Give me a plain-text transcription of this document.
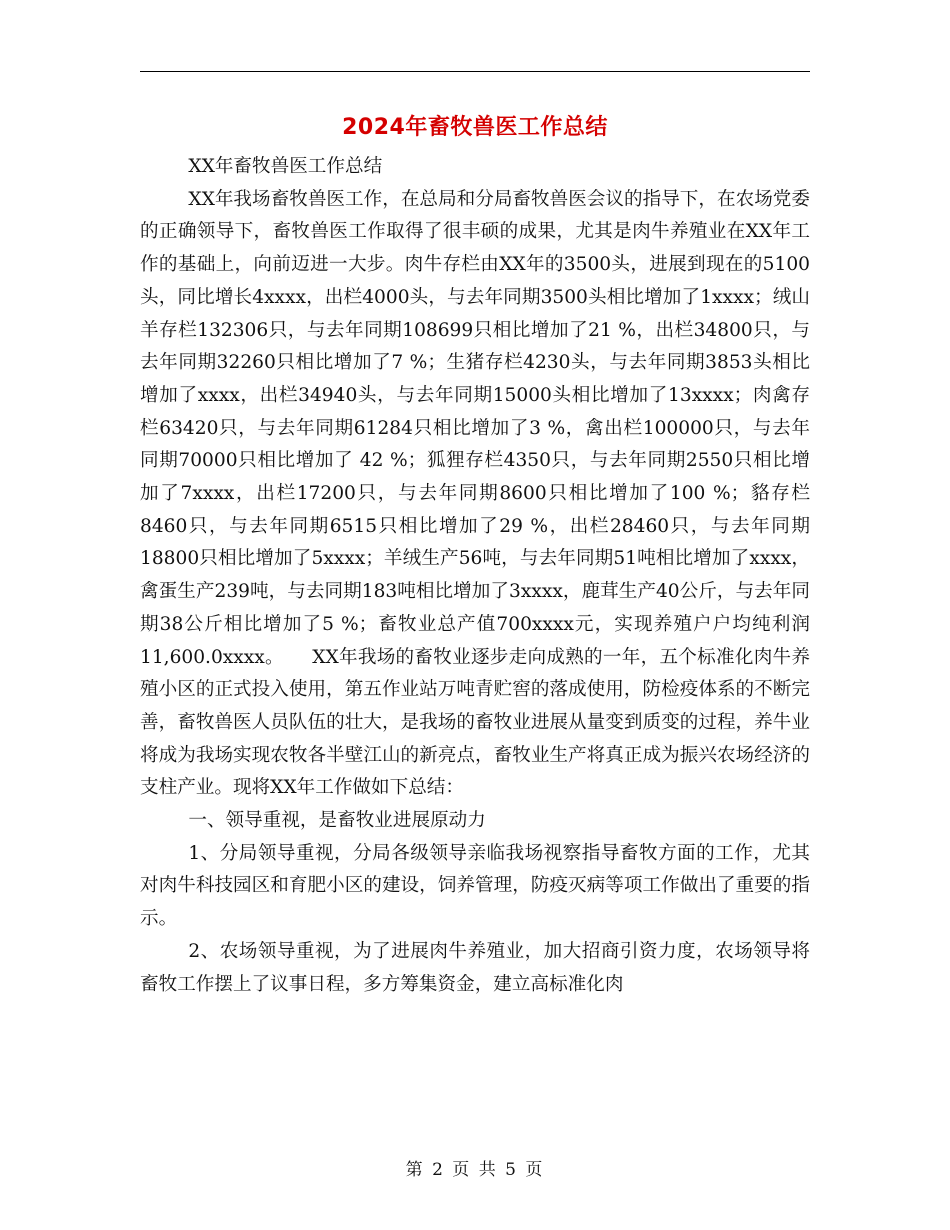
2024年畜牧兽医工作总结

XX年畜牧兽医工作总结

XX年我场畜牧兽医工作，在总局和分局畜牧兽医会议的指导下，在农场党委的正确领导下，畜牧兽医工作取得了很丰硕的成果，尤其是肉牛养殖业在XX年工作的基础上，向前迈进一大步。肉牛存栏由XX年的3500头，进展到现在的5100头，同比增长4xxxx，出栏4000头，与去年同期3500头相比增加了1xxxx；绒山羊存栏132306只，与去年同期108699只相比增加了21 %，出栏34800只，与去年同期32260只相比增加了7 %；生猪存栏4230头，与去年同期3853头相比增加了xxxx，出栏34940头，与去年同期15000头相比增加了13xxxx；肉禽存栏63420只，与去年同期61284只相比增加了3 %，禽出栏100000只，与去年同期70000只相比增加了 42 %；狐狸存栏4350只，与去年同期2550只相比增加了7xxxx，出栏17200只，与去年同期8600只相比增加了100 %；貉存栏8460只，与去年同期6515只相比增加了29 %，出栏28460只，与去年同期18800只相比增加了5xxxx；羊绒生产56吨，与去年同期51吨相比增加了xxxx，禽蛋生产239吨，与去同期183吨相比增加了3xxxx，鹿茸生产40公斤，与去年同期38公斤相比增加了5 %；畜牧业总产值700xxxx元，实现养殖户户均纯利润11,600.0xxxx。　　XX年我场的畜牧业逐步走向成熟的一年，五个标准化肉牛养殖小区的正式投入使用，第五作业站万吨青贮窖的落成使用，防检疫体系的不断完善，畜牧兽医人员队伍的壮大，是我场的畜牧业进展从量变到质变的过程，养牛业将成为我场实现农牧各半壁江山的新亮点，畜牧业生产将真正成为振兴农场经济的支柱产业。现将XX年工作做如下总结：

一、领导重视，是畜牧业进展原动力

1、分局领导重视，分局各级领导亲临我场视察指导畜牧方面的工作，尤其对肉牛科技园区和育肥小区的建设，饲养管理，防疫灭病等项工作做出了重要的指示。

2、农场领导重视，为了进展肉牛养殖业，加大招商引资力度，农场领导将畜牧工作摆上了议事日程，多方筹集资金，建立高标准化肉

第 2 页 共 5 页
